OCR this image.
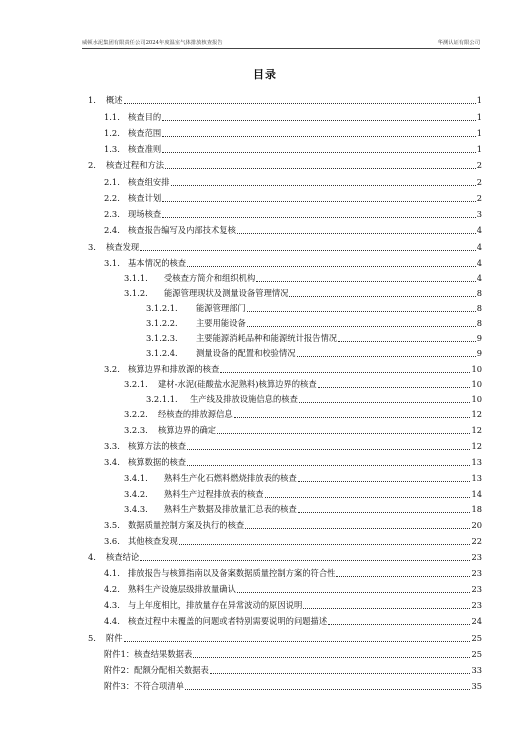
威顿水泥集团有限责任公司2024年度温室气体排放核查报告	华测认证有限公司
目录
1.	概述	1
1.1. 核查目的	1
1.2. 核查范围	1
1.3. 核查准则	1
2.	核查过程和方法	2
2.1. 核查组安排	2
2.2. 核查计划	2
2.3. 现场核查	3
2.4. 核查报告编写及内部技术复核	4
3.	核查发现	4
3.1. 基本情况的核查	4
3.1.1.	受核查方简介和组织机构	4
3.1.2.	能源管理现状及测量设备管理情况	8
3.1.2.1.	能源管理部门	8
3.1.2.2.	主要用能设备	8
3.1.2.3.	主要能源消耗品种和能源统计报告情况	9
3.1.2.4.	测量设备的配置和校验情况	9
3.2. 核算边界和排放源的核查	10
3.2.1.	建材-水泥(硅酸盐水泥熟料)核算边界的核查	10
3.2.1.1.	生产线及排放设施信息的核查	10
3.2.2.	经核查的排放源信息	12
3.2.3.	核算边界的确定	12
3.3. 核算方法的核查	12
3.4. 核算数据的核查	13
3.4.1.	熟料生产化石燃料燃烧排放表的核查	13
3.4.2.	熟料生产过程排放表的核查	14
3.4.3.	熟料生产数据及排放量汇总表的核查	18
3.5. 数据质量控制方案及执行的核查	20
3.6. 其他核查发现	22
4.	核查结论	23
4.1. 排放报告与核算指南以及备案数据质量控制方案的符合性	23
4.2. 熟料生产设施层级排放量确认	23
4.3. 与上年度相比，排放量存在异常波动的原因说明	23
4.4. 核查过程中未覆盖的问题或者特别需要说明的问题描述	24
5.	附件	25
附件1：核查结果数据表	25
附件2：配额分配相关数据表	33
附件3：不符合项清单	35
